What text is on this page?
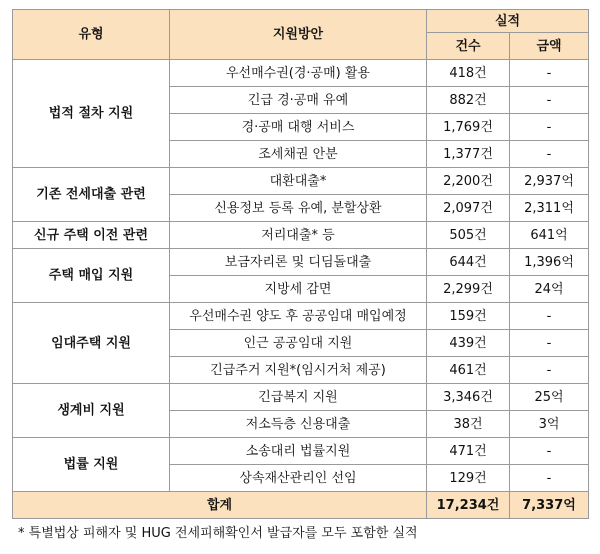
유형	지원방안	실적	
		건수	금액
법적 절차 지원	우선매수권(경·공매) 활용	418건	-
	긴급 경·공매 유예	882건	-
	경·공매 대행 서비스	1,769건	-
	조세채권 안분	1,377건	-
기존 전세대출 관련	대환대출*	2,200건	2,937억
	신용정보 등록 유예, 분할상환	2,097건	2,311억
신규 주택 이전 관련	저리대출* 등	505건	641억
주택 매입 지원	보금자리론 및 디딤돌대출	644건	1,396억
	지방세 감면	2,299건	24억
임대주택 지원	우선매수권 양도 후 공공임대 매입예정	159건	-
	인근 공공임대 지원	439건	-
	긴급주거 지원*(임시거처 제공)	461건	-
생계비 지원	긴급복지 지원	3,346건	25억
	저소득층 신용대출	38건	3억
법률 지원	소송대리 법률지원	471건	-
	상속재산관리인 선임	129건	-
합계		17,234건	7,337억
* 특별법상 피해자 및 HUG 전세피해확인서 발급자를 모두 포함한 실적
